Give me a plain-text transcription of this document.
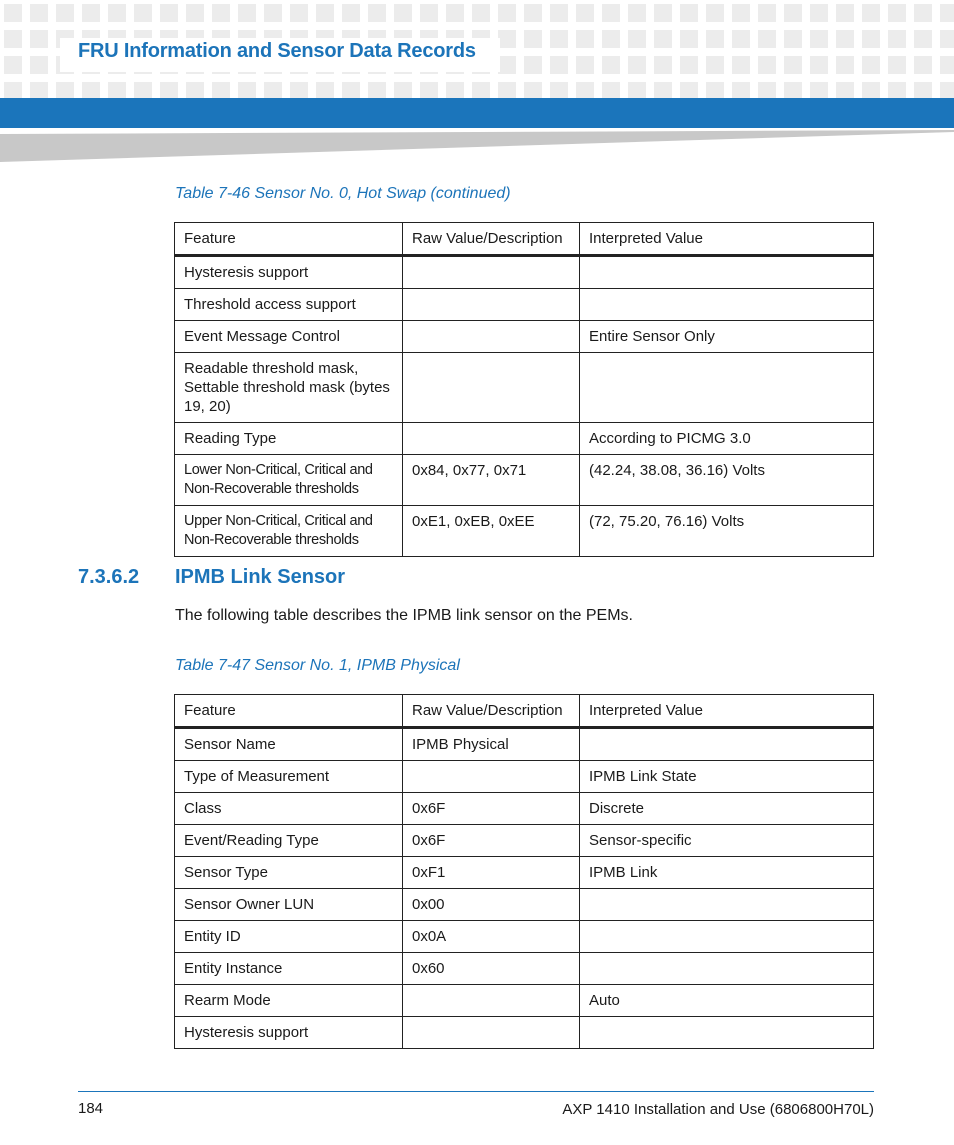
FRU Information and Sensor Data Records
Table 7-46 Sensor No. 0, Hot Swap (continued)
Feature	Raw Value/Description	Interpreted Value
Hysteresis support		
Threshold access support		
Event Message Control		Entire Sensor Only
Readable threshold mask, Settable threshold mask (bytes 19, 20)		
Reading Type		According to PICMG 3.0
Lower Non-Critical, Critical and Non-Recoverable thresholds	0x84, 0x77, 0x71	(42.24, 38.08, 36.16) Volts
Upper Non-Critical, Critical and Non-Recoverable thresholds	0xE1, 0xEB, 0xEE	(72, 75.20, 76.16) Volts
7.3.6.2 IPMB Link Sensor
The following table describes the IPMB link sensor on the PEMs.
Table 7-47 Sensor No. 1, IPMB Physical
Feature	Raw Value/Description	Interpreted Value
Sensor Name	IPMB Physical	
Type of Measurement		IPMB Link State
Class	0x6F	Discrete
Event/Reading Type	0x6F	Sensor-specific
Sensor Type	0xF1	IPMB Link
Sensor Owner LUN	0x00	
Entity ID	0x0A	
Entity Instance	0x60	
Rearm Mode		Auto
Hysteresis support		
184	AXP 1410 Installation and Use (6806800H70L)
